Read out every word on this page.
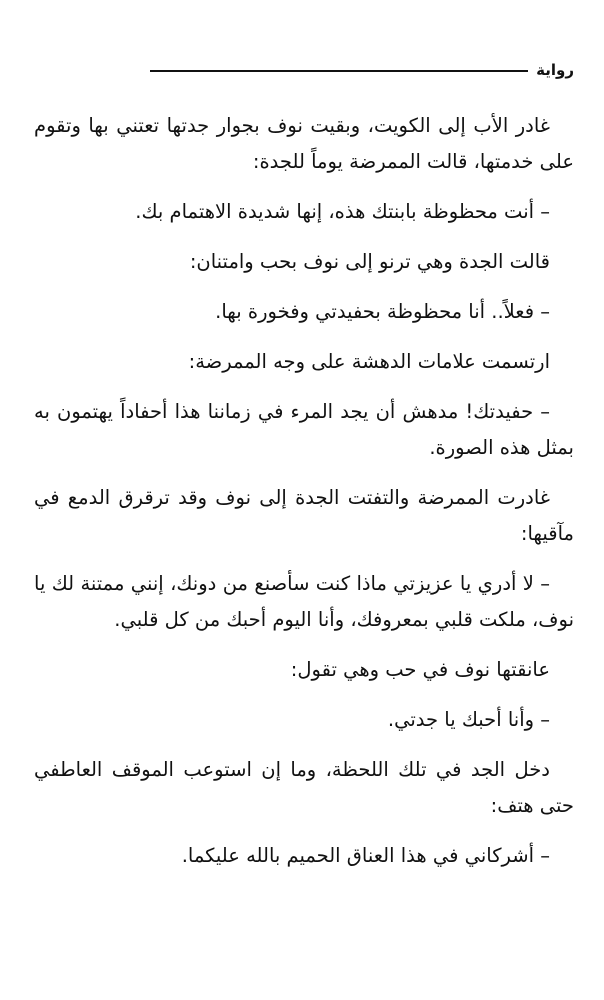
رواية

غادر الأب إلى الكويت، وبقيت نوف بجوار جدتها تعتني بها وتقوم على خدمتها، قالت الممرضة يوماً للجدة:

– أنت محظوظة بابنتك هذه، إنها شديدة الاهتمام بك.

قالت الجدة وهي ترنو إلى نوف بحب وامتنان:

– فعلاً.. أنا محظوظة بحفيدتي وفخورة بها.

ارتسمت علامات الدهشة على وجه الممرضة:

– حفيدتك! مدهش أن يجد المرء في زماننا هذا أحفاداً يهتمون به بمثل هذه الصورة.

غادرت الممرضة والتفتت الجدة إلى نوف وقد ترقرق الدمع في مآقيها:

– لا أدري يا عزيزتي ماذا كنت سأصنع من دونك، إنني ممتنة لك يا نوف، ملكت قلبي بمعروفك، وأنا اليوم أحبك من كل قلبي.

عانقتها نوف في حب وهي تقول:

– وأنا أحبك يا جدتي.

دخل الجد في تلك اللحظة، وما إن استوعب الموقف العاطفي حتى هتف:

– أشركاني في هذا العناق الحميم بالله عليكما.
